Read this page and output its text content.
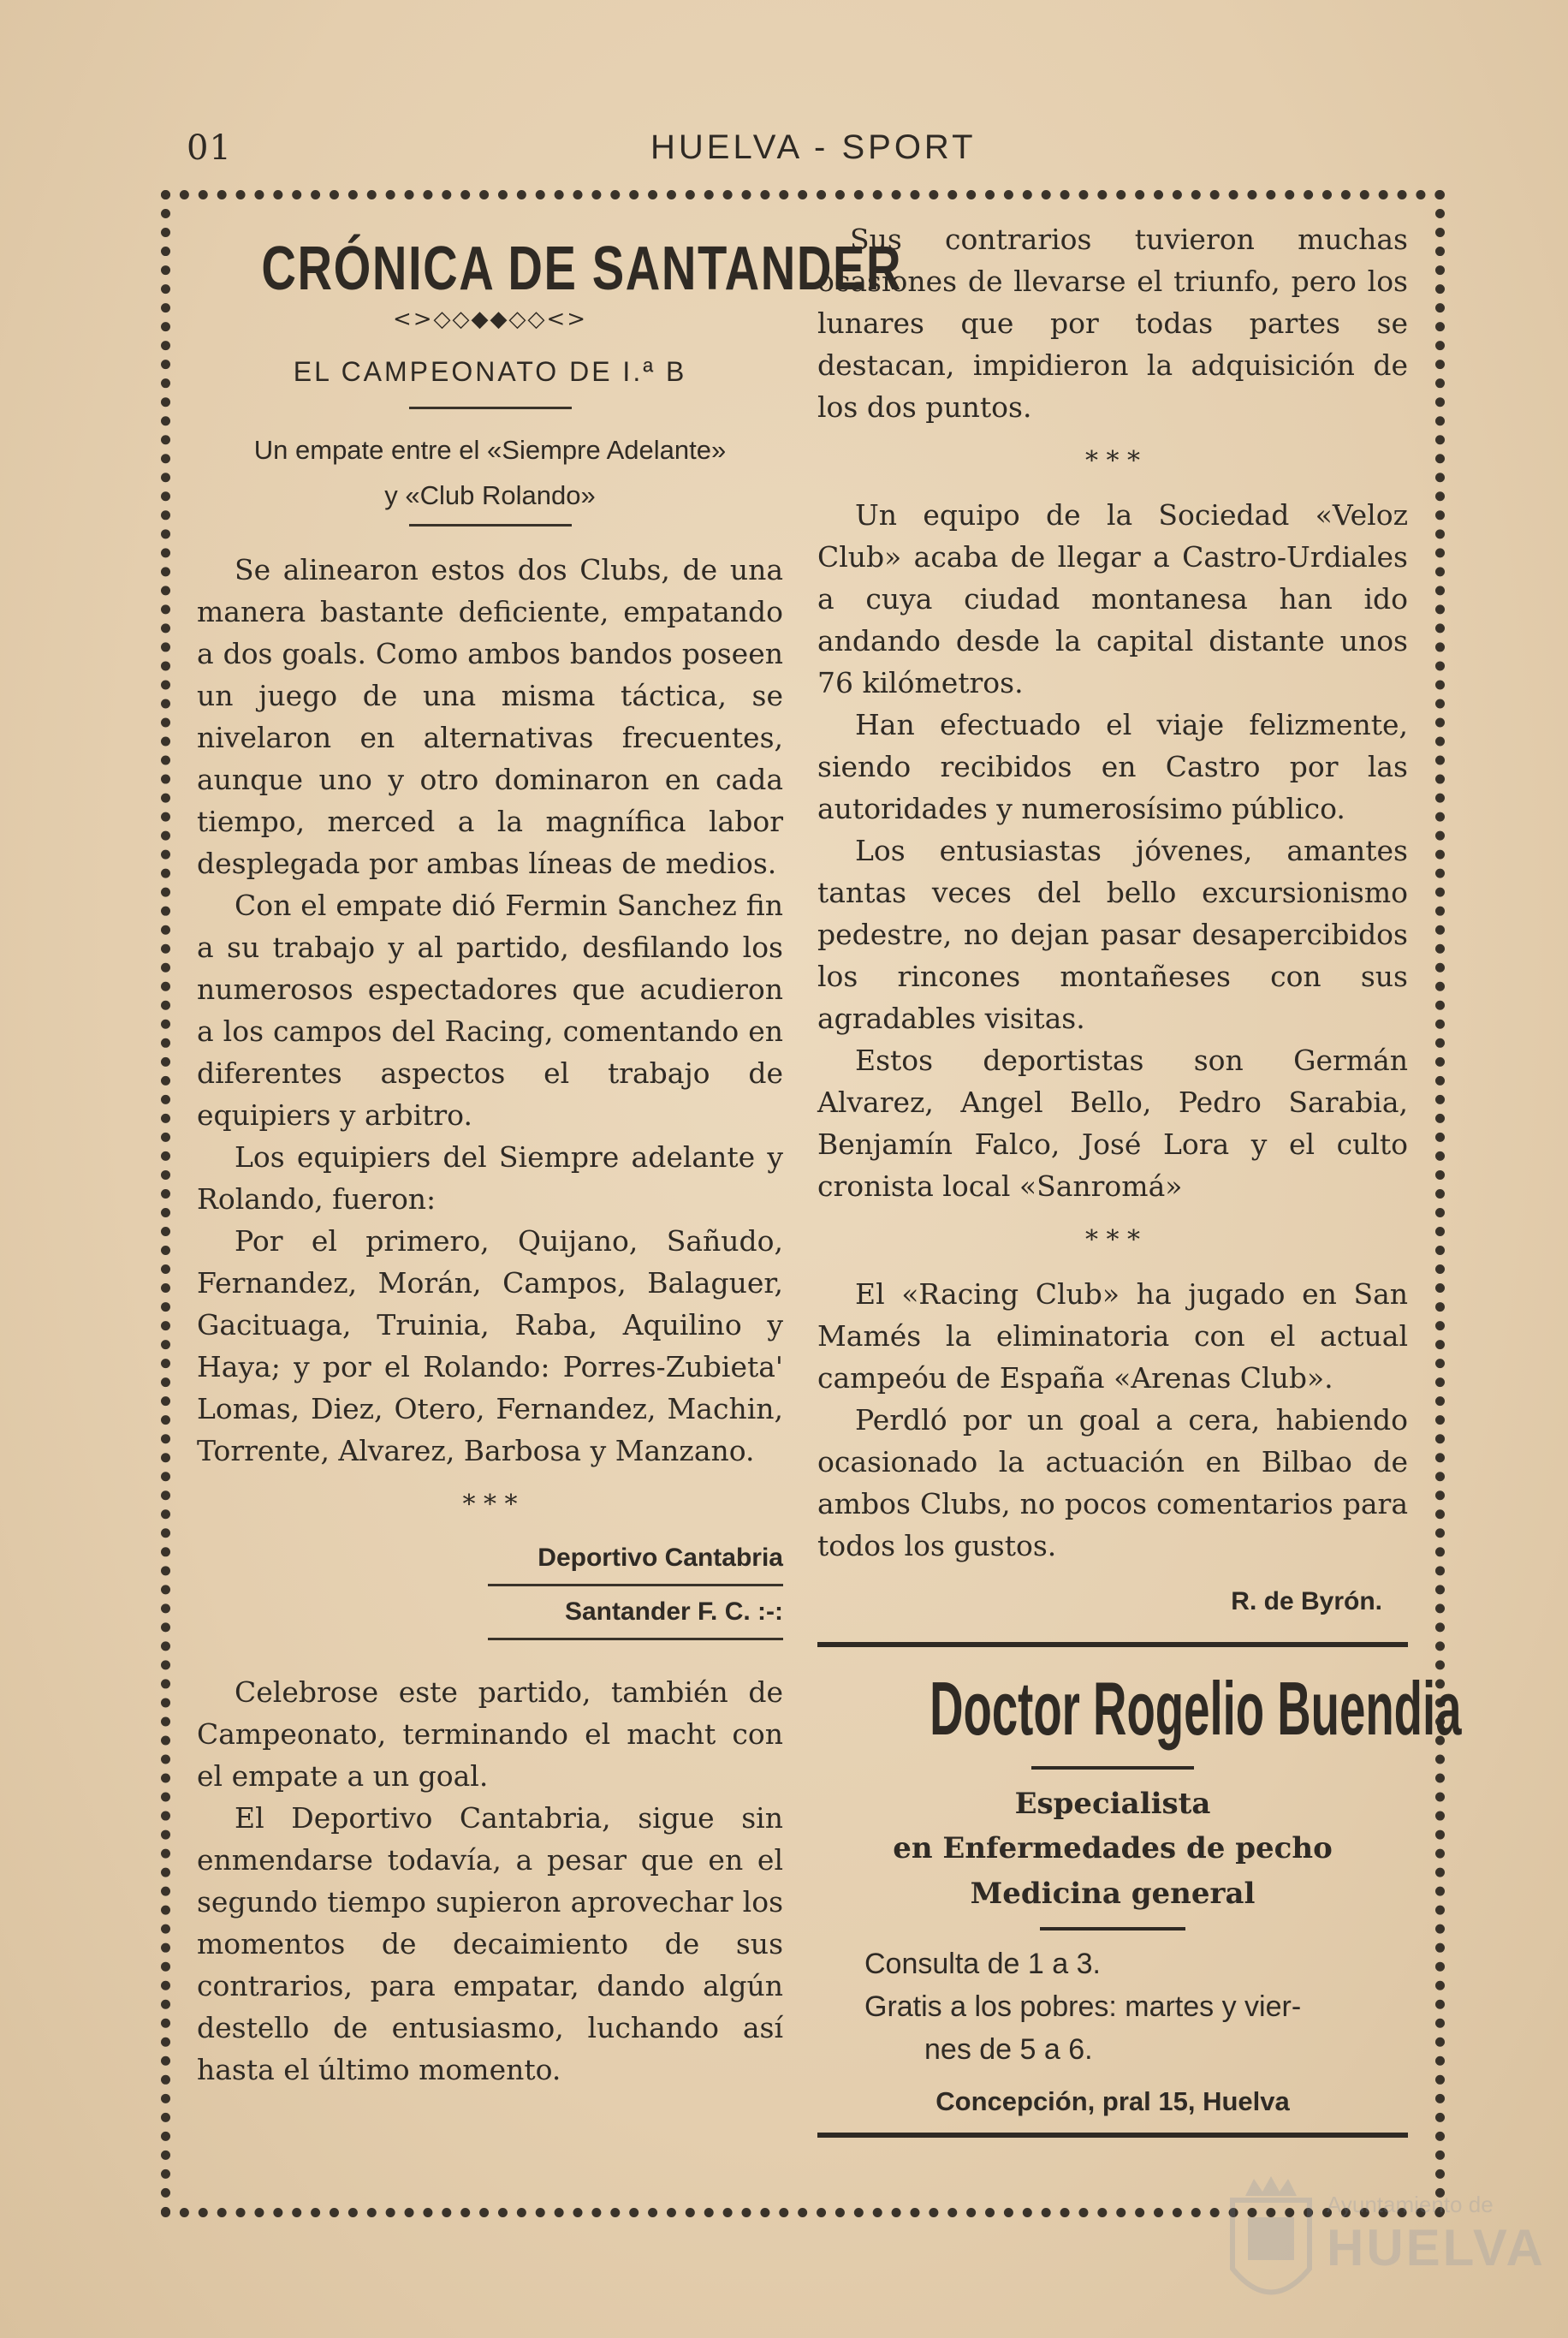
01	HUELVA - SPORT
CRÓNICA DE SANTANDER
<>◇◇◆◆◇◇<>
EL CAMPEONATO DE I.ª B
Un empate entre el «Siempre Adelante»
y «Club Rolando»

Se alinearon estos dos Clubs, de una manera bastante deficiente, empatando a dos goals. Como ambos bandos poseen un juego de una misma táctica, se nivelaron en alternativas frecuentes, aunque uno y otro dominaron en cada tiempo, merced a la magnífica labor desplegada por ambas líneas de medios.

Con el empate dió Fermin Sanchez fin a su trabajo y al partido, desfilando los numerosos espectadores que acudieron a los campos del Racing, comentando en diferentes aspectos el trabajo de equipiers y arbitro.

Los equipiers del Siempre adelante y Rolando, fueron:

Por el primero, Quijano, Sañudo, Fernandez, Morán, Campos, Balaguer, Gacituaga, Truinia, Raba, Aquilino y Haya; y por el Rolando: Porres-Zubieta' Lomas, Diez, Otero, Fernandez, Machin, Torrente, Alvarez, Barbosa y Manzano.

* * *
Deportivo Cantabria
Santander F. C. :-:

Celebrose este partido, también de Campeonato, terminando el macht con el empate a un goal.

El Deportivo Cantabria, sigue sin enmendarse todavía, a pesar que en el segundo tiempo supieron aprovechar los momentos de decaimiento de sus contrarios, para empatar, dando algún destello de entusiasmo, luchando así hasta el último momento.

Sus contrarios tuvieron muchas ocasiones de llevarse el triunfo, pero los lunares que por todas partes se destacan, impidieron la adquisición de los dos puntos.

* * *

Un equipo de la Sociedad «Veloz Club» acaba de llegar a Castro-Urdiales a cuya ciudad montanesa han ido andando desde la capital distante unos 76 kilómetros.

Han efectuado el viaje felizmente, siendo recibidos en Castro por las autoridades y numerosísimo público.

Los entusiastas jóvenes, amantes tantas veces del bello excursionismo pedestre, no dejan pasar desapercibidos los rincones montañeses con sus agradables visitas.

Estos deportistas son Germán Alvarez, Angel Bello, Pedro Sarabia, Benjamín Falco, José Lora y el culto cronista local «Sanromá»

* * *

El «Racing Club» ha jugado en San Mamés la eliminatoria con el actual campeóu de España «Arenas Club».

Perdló por un goal a cera, habiendo ocasionado la actuación en Bilbao de ambos Clubs, no pocos comentarios para todos los gustos.

R. de Byrón.
Doctor Rogelio Buendia
Especialista
en Enfermedades de pecho
Medicina general
Consulta de 1 a 3.
Gratis a los pobres: martes y vier-
nes de 5 a 6.
Concepción, pral 15, Huelva
Ayuntamiento de
HUELVA
